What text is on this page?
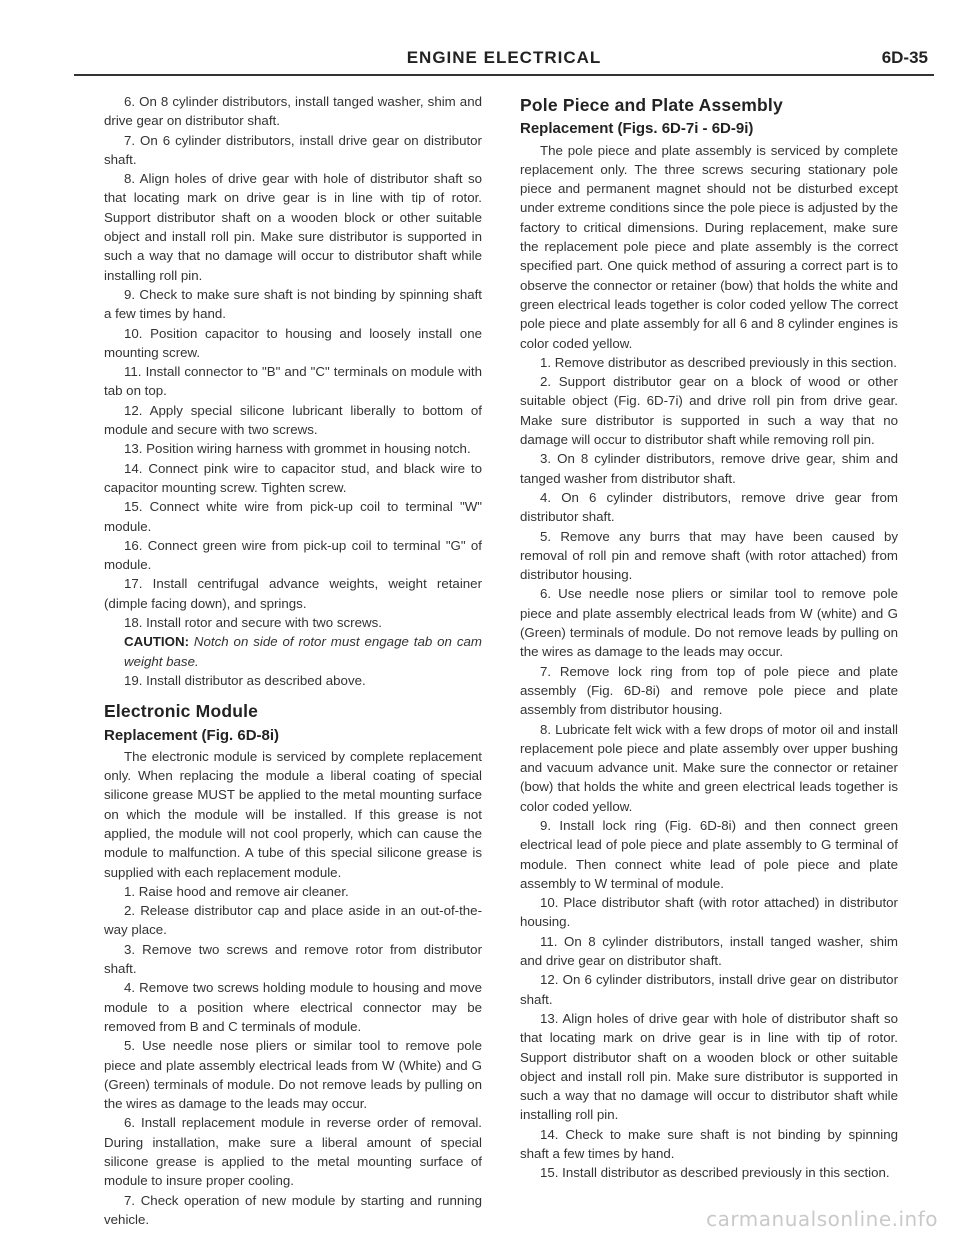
ENGINE ELECTRICAL	6D-35

6. On 8 cylinder distributors, install tanged washer, shim and drive gear on distributor shaft.

7. On 6 cylinder distributors, install drive gear on distributor shaft.

8. Align holes of drive gear with hole of distributor shaft so that locating mark on drive gear is in line with tip of rotor. Support distributor shaft on a wooden block or other suitable object and install roll pin. Make sure distributor is supported in such a way that no damage will occur to distributor shaft while installing roll pin.

9. Check to make sure shaft is not binding by spinning shaft a few times by hand.

10. Position capacitor to housing and loosely install one mounting screw.

11. Install connector to "B" and "C" terminals on module with tab on top.

12. Apply special silicone lubricant liberally to bottom of module and secure with two screws.

13. Position wiring harness with grommet in housing notch.

14. Connect pink wire to capacitor stud, and black wire to capacitor mounting screw. Tighten screw.

15. Connect white wire from pick-up coil to terminal "W" module.

16. Connect green wire from pick-up coil to terminal "G" of module.

17. Install centrifugal advance weights, weight retainer (dimple facing down), and springs.

18. Install rotor and secure with two screws.

CAUTION: Notch on side of rotor must engage tab on cam weight base.

19. Install distributor as described above.

Electronic Module
Replacement (Fig. 6D-8i)

The electronic module is serviced by complete replacement only. When replacing the module a liberal coating of special silicone grease MUST be applied to the metal mounting surface on which the module will be installed. If this grease is not applied, the module will not cool properly, which can cause the module to malfunction. A tube of this special silicone grease is supplied with each replacement module.

1. Raise hood and remove air cleaner.

2. Release distributor cap and place aside in an out-of-the-way place.

3. Remove two screws and remove rotor from distributor shaft.

4. Remove two screws holding module to housing and move module to a position where electrical connector may be removed from B and C terminals of module.

5. Use needle nose pliers or similar tool to remove pole piece and plate assembly electrical leads from W (White) and G (Green) terminals of module. Do not remove leads by pulling on the wires as damage to the leads may occur.

6. Install replacement module in reverse order of removal. During installation, make sure a liberal amount of special silicone grease is applied to the metal mounting surface of module to insure proper cooling.

7. Check operation of new module by starting and running vehicle.

Pole Piece and Plate Assembly
Replacement (Figs. 6D-7i - 6D-9i)

The pole piece and plate assembly is serviced by complete replacement only. The three screws securing stationary pole piece and permanent magnet should not be disturbed except under extreme conditions since the pole piece is adjusted by the factory to critical dimensions. During replacement, make sure the replacement pole piece and plate assembly is the correct specified part. One quick method of assuring a correct part is to observe the connector or retainer (bow) that holds the white and green electrical leads together is color coded yellow The correct pole piece and plate assembly for all 6 and 8 cylinder engines is color coded yellow.

1. Remove distributor as described previously in this section.

2. Support distributor gear on a block of wood or other suitable object (Fig. 6D-7i) and drive roll pin from drive gear. Make sure distributor is supported in such a way that no damage will occur to distributor shaft while removing roll pin.

3. On 8 cylinder distributors, remove drive gear, shim and tanged washer from distributor shaft.

4. On 6 cylinder distributors, remove drive gear from distributor shaft.

5. Remove any burrs that may have been caused by removal of roll pin and remove shaft (with rotor attached) from distributor housing.

6. Use needle nose pliers or similar tool to remove pole piece and plate assembly electrical leads from W (white) and G (Green) terminals of module. Do not remove leads by pulling on the wires as damage to the leads may occur.

7. Remove lock ring from top of pole piece and plate assembly (Fig. 6D-8i) and remove pole piece and plate assembly from distributor housing.

8. Lubricate felt wick with a few drops of motor oil and install replacement pole piece and plate assembly over upper bushing and vacuum advance unit. Make sure the connector or retainer (bow) that holds the white and green electrical leads together is color coded yellow.

9. Install lock ring (Fig. 6D-8i) and then connect green electrical lead of pole piece and plate assembly to G terminal of module. Then connect white lead of pole piece and plate assembly to W terminal of module.

10. Place distributor shaft (with rotor attached) in distributor housing.

11. On 8 cylinder distributors, install tanged washer, shim and drive gear on distributor shaft.

12. On 6 cylinder distributors, install drive gear on distributor shaft.

13. Align holes of drive gear with hole of distributor shaft so that locating mark on drive gear is in line with tip of rotor. Support distributor shaft on a wooden block or other suitable object and install roll pin. Make sure distributor is supported in such a way that no damage will occur to distributor shaft while installing roll pin.

14. Check to make sure shaft is not binding by spinning shaft a few times by hand.

15. Install distributor as described previously in this section.

carmanualsonline.info
